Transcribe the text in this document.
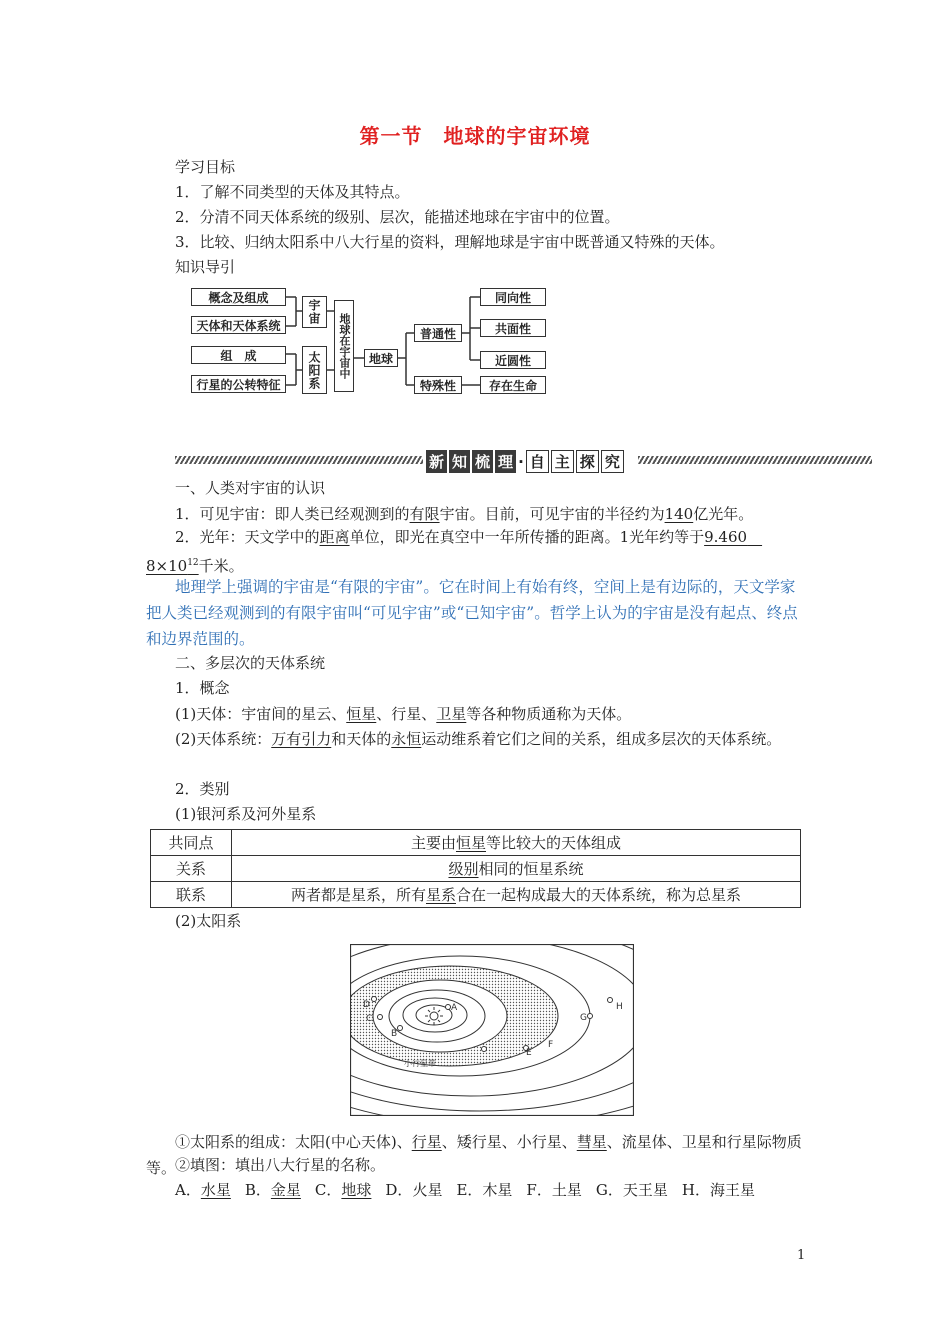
第一节　地球的宇宙环境
学习目标
1．了解不同类型的天体及其特点。
2．分清不同天体系统的级别、层次，能描述地球在宇宙中的位置。
3．比较、归纳太阳系中八大行星的资料，理解地球是宇宙中既普通又特殊的天体。
知识导引
概念及组成
天体和天体系统
组　成
行星的公转特征
宇宙
太阳系	地球在宇宙中	地球
普通性
特殊性
同向性
共面性
近圆性
存在生命
新 知 梳 理 · 自 主 探 究
一、人类对宇宙的认识
1．可见宇宙：即人类已经观测到的有限宇宙。目前，可见宇宙的半径约为140亿光年。
2．光年：天文学中的距离单位，即光在真空中一年所传播的距离。1光年约等于9.460　$8\times 10^{12}$千米。
地理学上强调的宇宙是“有限的宇宙”。它在时间上有始有终，空间上是有边际的，天文学家把人类已经观测到的有限宇宙叫“可见宇宙”或“已知宇宙”。哲学上认为的宇宙是没有起点、终点和边界范围的。
二、多层次的天体系统
1．概念
(1)天体：宇宙间的星云、恒星、行星、卫星等各种物质通称为天体。
(2)天体系统：万有引力和天体的永恒运动维系着它们之间的关系，组成多层次的天体系统。
2．类别
(1)银河系及河外星系
共同点	主要由恒星等比较大的天体组成
关系	级别相同的恒星系统
联系	两者都是星系，所有星系合在一起构成最大的天体系统，称为总星系
(2)太阳系
A
B
C
D
E
F
G
H
小行星带
①太阳系的组成：太阳(中心天体)、行星、矮行星、小行星、彗星、流星体、卫星和行星际物质等。
②填图：填出八大行星的名称。
A．水星 B．金星 C．地球 D．火星 E．木星 F．土星 G．天王星 H．海王星
1
